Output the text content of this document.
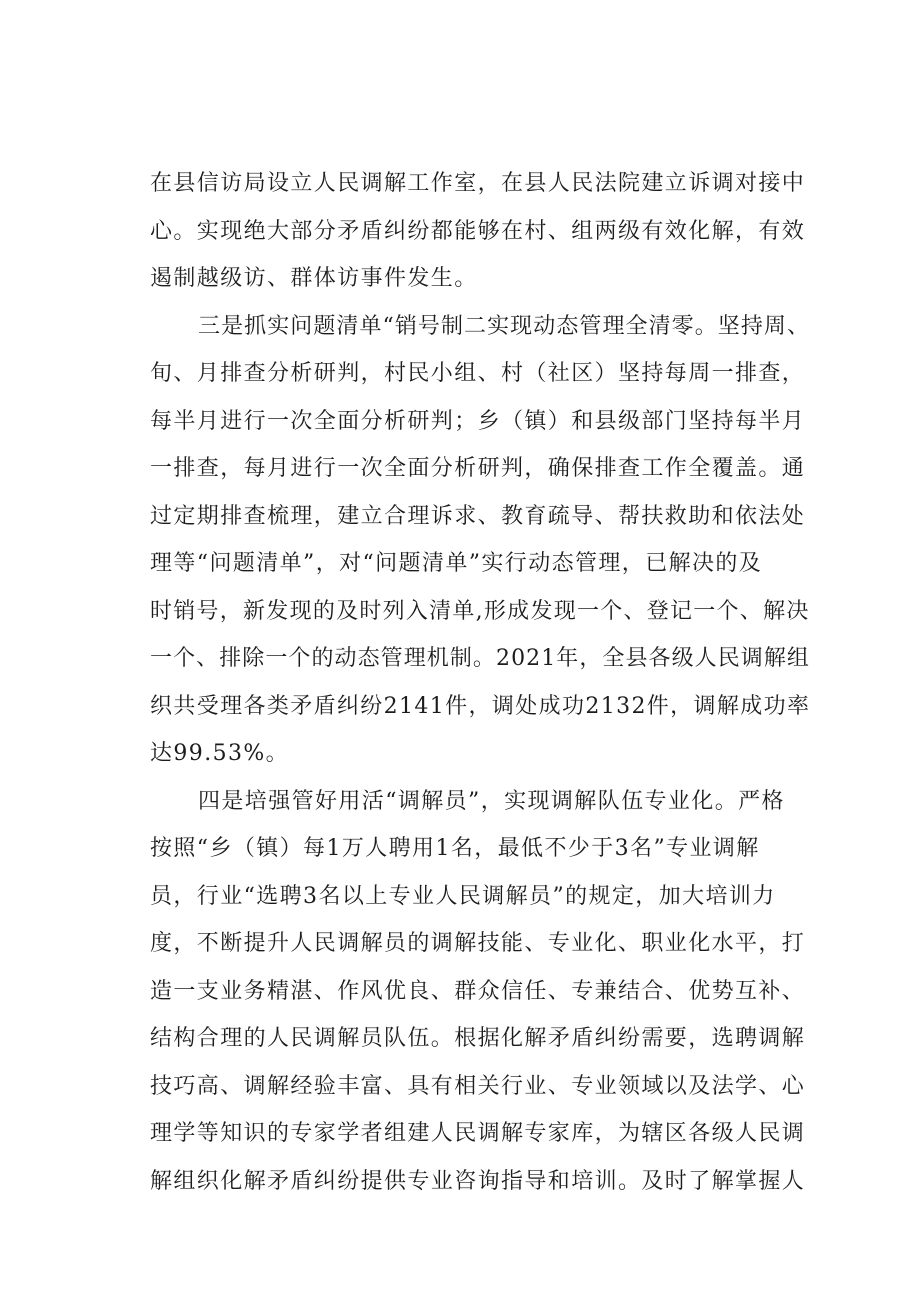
在县信访局设立人民调解工作室，在县人民法院建立诉调对接中
心。实现绝大部分矛盾纠纷都能够在村、组两级有效化解，有效
遏制越级访、群体访事件发生。
三是抓实问题清单“销号制二实现动态管理全清零。坚持周、
旬、月排查分析研判，村民小组、村（社区）坚持每周一排查，
每半月进行一次全面分析研判；乡（镇）和县级部门坚持每半月
一排查，每月进行一次全面分析研判，确保排查工作全覆盖。通
过定期排查梳理，建立合理诉求、教育疏导、帮扶救助和依法处
理等“问题清单”，对“问题清单”实行动态管理，已解决的及
时销号，新发现的及时列入清单,形成发现一个、登记一个、解决
一个、排除一个的动态管理机制。2021年，全县各级人民调解组
织共受理各类矛盾纠纷2141件，调处成功2132件，调解成功率
达99.53%。
四是培强管好用活“调解员”，实现调解队伍专业化。严格
按照“乡（镇）每1万人聘用1名，最低不少于3名”专业调解
员，行业“选聘3名以上专业人民调解员”的规定，加大培训力
度，不断提升人民调解员的调解技能、专业化、职业化水平，打
造一支业务精湛、作风优良、群众信任、专兼结合、优势互补、
结构合理的人民调解员队伍。根据化解矛盾纠纷需要，选聘调解
技巧高、调解经验丰富、具有相关行业、专业领域以及法学、心
理学等知识的专家学者组建人民调解专家库，为辖区各级人民调
解组织化解矛盾纠纷提供专业咨询指导和培训。及时了解掌握人
